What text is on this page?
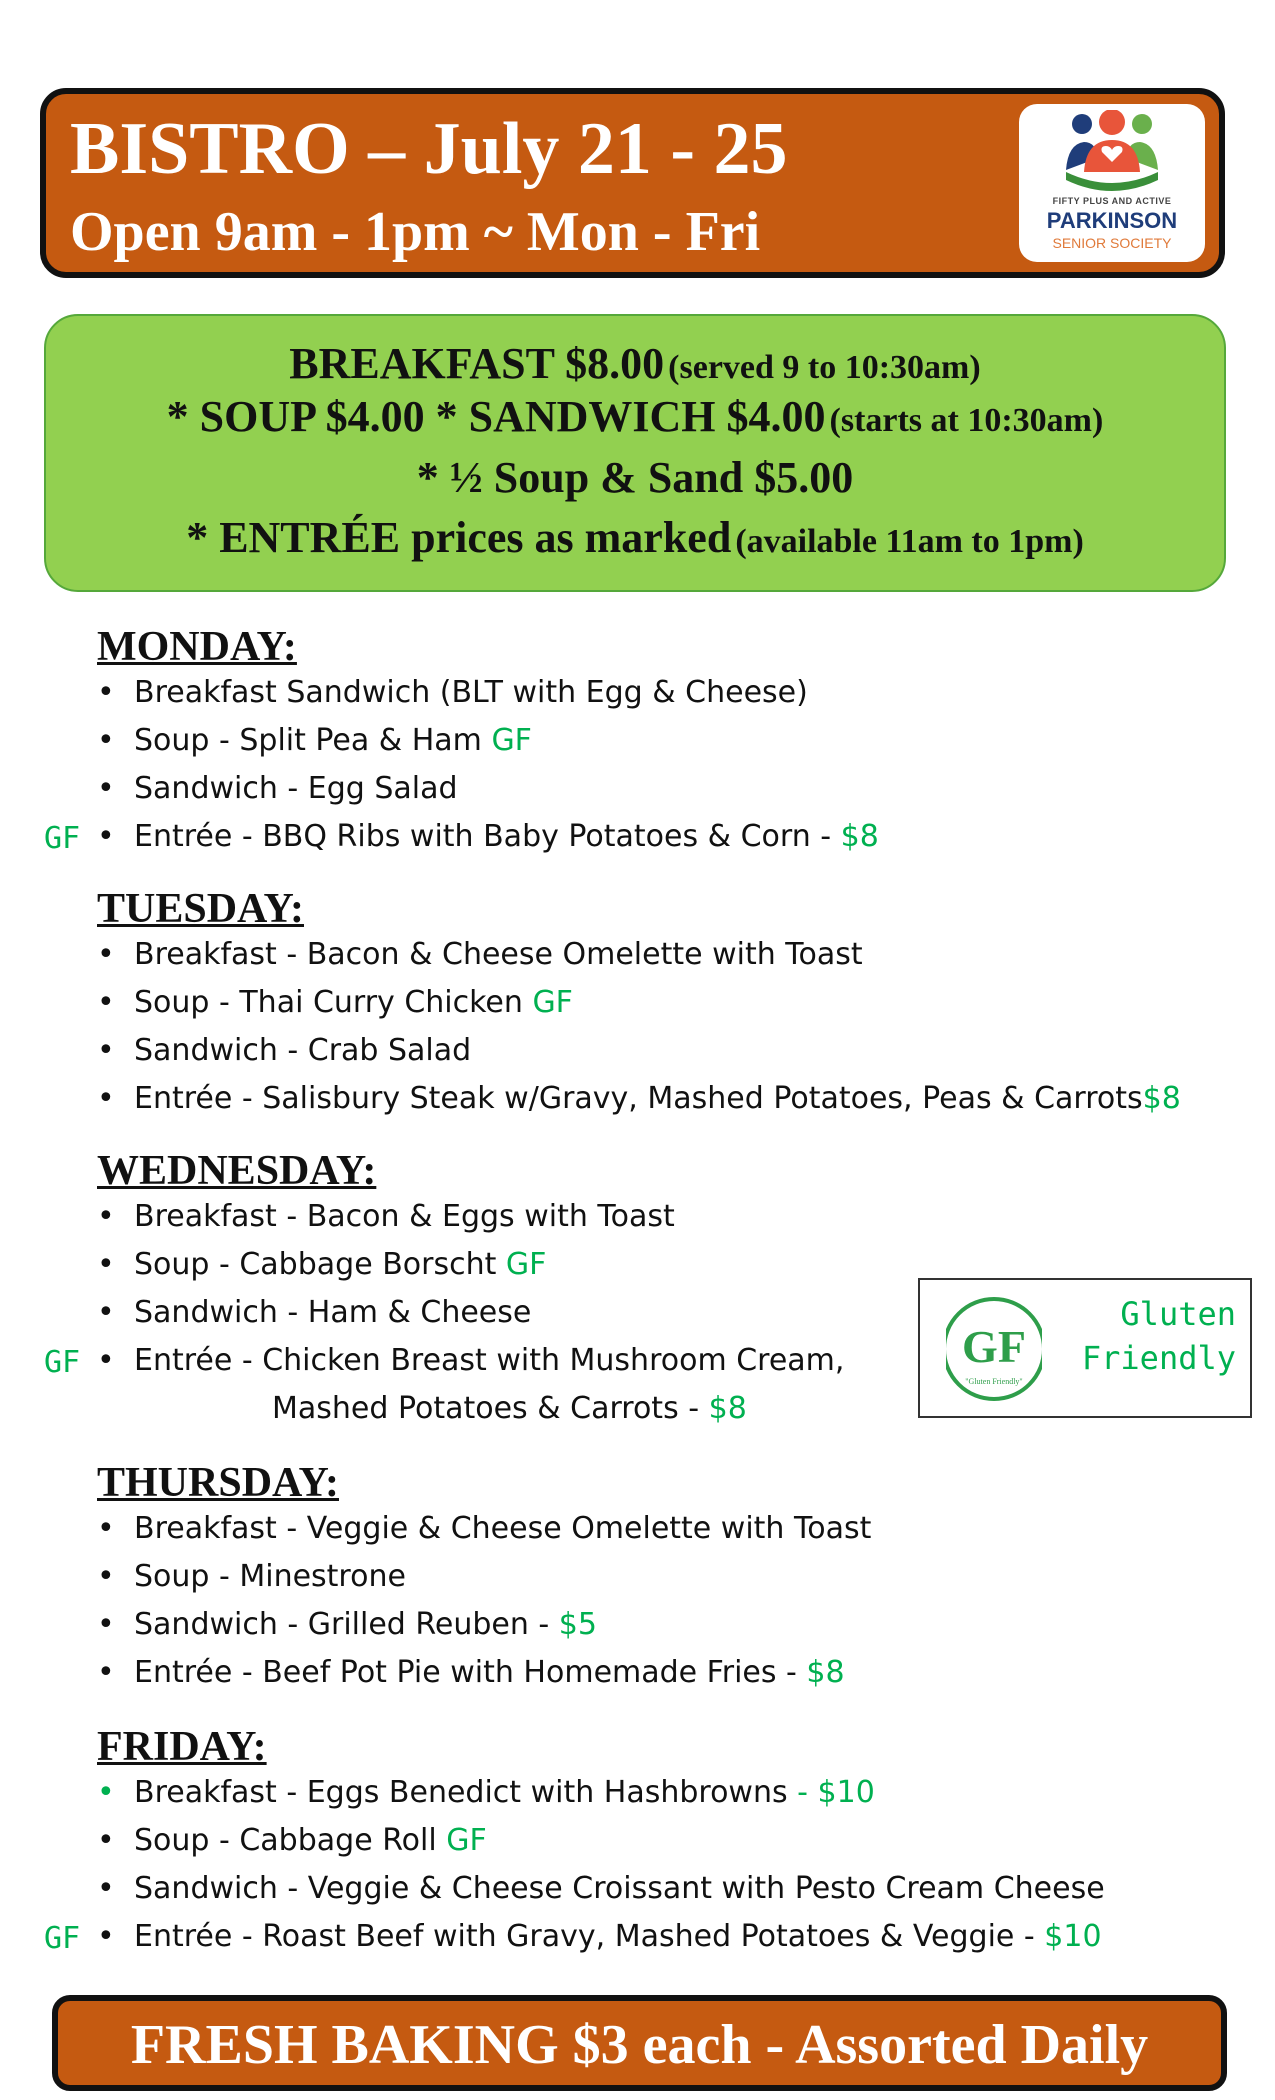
BISTRO – July 21 - 25
Open 9am - 1pm ~ Mon - Fri	FIFTY PLUS AND ACTIVE
PARKINSON
SENIOR SOCIETY
BREAKFAST $8.00 (served 9 to 10:30am)
* SOUP $4.00 * SANDWICH $4.00 (starts at 10:30am)
* ½ Soup & Sand $5.00
* ENTRÉE prices as marked (available 11am to 1pm)
MONDAY:
• Breakfast Sandwich (BLT with Egg & Cheese)
• Soup - Split Pea & Ham GF
• Sandwich - Egg Salad
GF • Entrée - BBQ Ribs with Baby Potatoes & Corn - $8
TUESDAY:
• Breakfast - Bacon & Cheese Omelette with Toast
• Soup - Thai Curry Chicken GF
• Sandwich - Crab Salad
• Entrée - Salisbury Steak w/Gravy, Mashed Potatoes, Peas & Carrots$8
WEDNESDAY:
• Breakfast - Bacon & Eggs with Toast
• Soup - Cabbage Borscht GF
• Sandwich - Ham & Cheese
GF • Entrée - Chicken Breast with Mushroom Cream,
Mashed Potatoes & Carrots - $8
GF
"Gluten Friendly"
Gluten
Friendly
THURSDAY:
• Breakfast - Veggie & Cheese Omelette with Toast
• Soup - Minestrone
• Sandwich - Grilled Reuben - $5
• Entrée - Beef Pot Pie with Homemade Fries - $8
FRIDAY:
• Breakfast - Eggs Benedict with Hashbrowns - $10
• Soup - Cabbage Roll GF
• Sandwich - Veggie & Cheese Croissant with Pesto Cream Cheese
GF • Entrée - Roast Beef with Gravy, Mashed Potatoes & Veggie - $10
FRESH BAKING $3 each - Assorted Daily
